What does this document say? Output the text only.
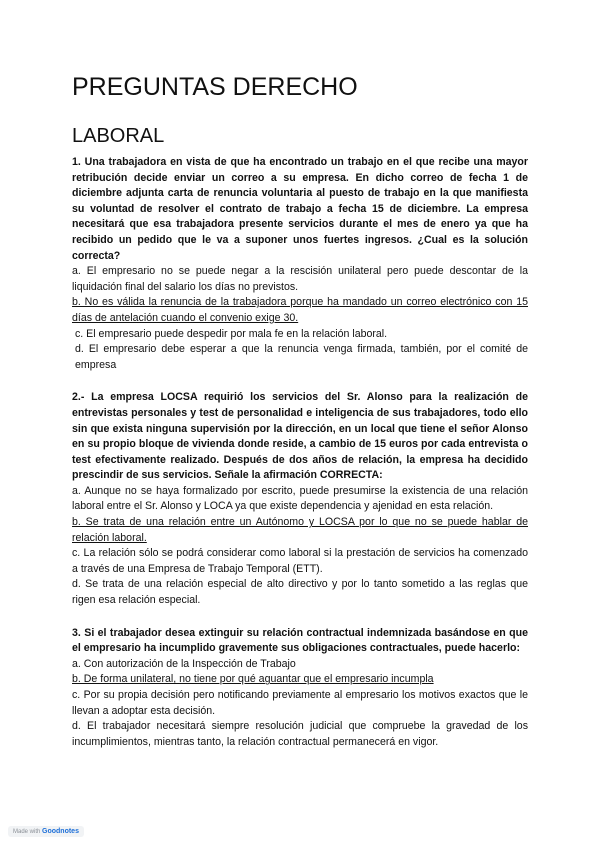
PREGUNTAS DERECHO
LABORAL

1. Una trabajadora en vista de que ha encontrado un trabajo en el que recibe una mayor retribución decide enviar un correo a su empresa. En dicho correo de fecha 1 de diciembre adjunta carta de renuncia voluntaria al puesto de trabajo en la que manifiesta su voluntad de resolver el contrato de trabajo a fecha 15 de diciembre. La empresa necesitará que esa trabajadora presente servicios durante el mes de enero ya que ha recibido un pedido que le va a suponer unos fuertes ingresos. ¿Cual es la solución correcta?

a. El empresario no se puede negar a la rescisión unilateral pero puede descontar de la liquidación final del salario los días no previstos.

b. No es válida la renuncia de la trabajadora porque ha mandado un correo electrónico con 15 días de antelación cuando el convenio exige 30.

c. El empresario puede despedir por mala fe en la relación laboral.

d. El empresario debe esperar a que la renuncia venga firmada, también, por el comité de empresa

2.- La empresa LOCSA requirió los servicios del Sr. Alonso para la realización de entrevistas personales y test de personalidad e inteligencia de sus trabajadores, todo ello sin que exista ninguna supervisión por la dirección, en un local que tiene el señor Alonso en su propio bloque de vivienda donde reside, a cambio de 15 euros por cada entrevista o test efectivamente realizado. Después de dos años de relación, la empresa ha decidido prescindir de sus servicios. Señale la afirmación CORRECTA:

a. Aunque no se haya formalizado por escrito, puede presumirse la existencia de una relación laboral entre el Sr. Alonso y LOCA ya que existe dependencia y ajenidad en esta relación.

b. Se trata de una relación entre un Autónomo y LOCSA por lo que no se puede hablar de relación laboral.

c. La relación sólo se podrá considerar como laboral si la prestación de servicios ha comenzado a través de una Empresa de Trabajo Temporal (ETT).

d. Se trata de una relación especial de alto directivo y por lo tanto sometido a las reglas que rigen esa relación especial.

3. Si el trabajador desea extinguir su relación contractual indemnizada basándose en que el empresario ha incumplido gravemente sus obligaciones contractuales, puede hacerlo:

a. Con autorización de la Inspección de Trabajo

b. De forma unilateral, no tiene por qué aguantar que el empresario incumpla

c. Por su propia decisión pero notificando previamente al empresario los motivos exactos que le llevan a adoptar esta decisión.

d. El trabajador necesitará siempre resolución judicial que compruebe la gravedad de los incumplimientos, mientras tanto, la relación contractual permanecerá en vigor.

Made with Goodnotes
